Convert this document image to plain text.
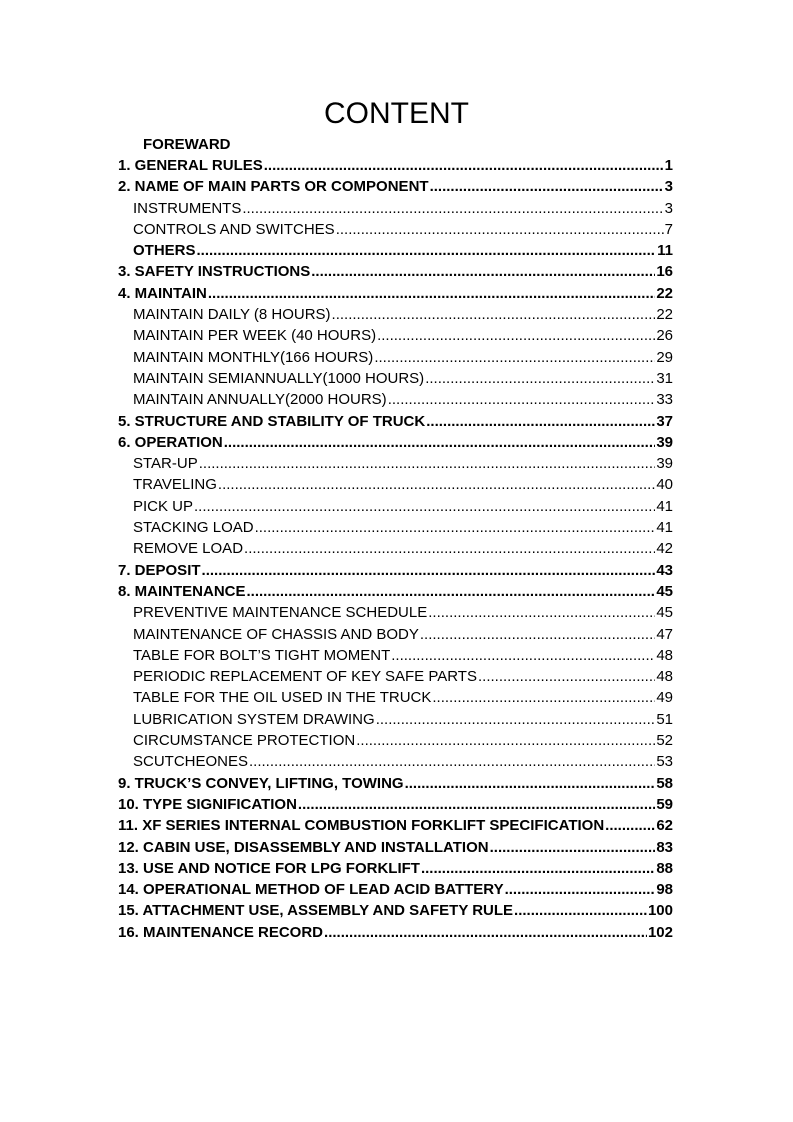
CONTENT
FOREWARD
1. GENERAL RULES .....	1
2. NAME OF MAIN PARTS OR COMPONENT .....	3
INSTRUMENTS .....	3
CONTROLS AND SWITCHES .....	7
OTHERS .....	11
3. SAFETY INSTRUCTIONS .....	16
4. MAINTAIN .....	22
MAINTAIN DAILY (8 HOURS) .....	22
MAINTAIN PER WEEK (40 HOURS) .....	26
MAINTAIN MONTHLY(166 HOURS) .....	29
MAINTAIN SEMIANNUALLY(1000 HOURS) .....	31
MAINTAIN ANNUALLY(2000 HOURS) .....	33
5. STRUCTURE AND STABILITY OF TRUCK .....	37
6. OPERATION .....	39
STAR-UP .....	39
TRAVELING .....	40
PICK UP .....	41
STACKING LOAD .....	41
REMOVE LOAD .....	42
7. DEPOSIT .....	43
8. MAINTENANCE .....	45
PREVENTIVE MAINTENANCE SCHEDULE .....	45
MAINTENANCE OF CHASSIS AND BODY .....	47
TABLE FOR BOLT’S TIGHT MOMENT .....	48
PERIODIC REPLACEMENT OF KEY SAFE PARTS .....	48
TABLE FOR THE OIL USED IN THE TRUCK .....	49
LUBRICATION SYSTEM DRAWING .....	51
CIRCUMSTANCE PROTECTION .....	52
SCUTCHEONES .....	53
9. TRUCK’S CONVEY, LIFTING, TOWING .....	58
10. TYPE SIGNIFICATION .....	59
11. XF SERIES INTERNAL COMBUSTION FORKLIFT SPECIFICATION .....	62
12. CABIN USE, DISASSEMBLY AND INSTALLATION .....	83
13. USE AND NOTICE FOR LPG FORKLIFT .....	88
14. OPERATIONAL METHOD OF LEAD ACID BATTERY .....	98
15. ATTACHMENT USE, ASSEMBLY AND SAFETY RULE .....	100
16. MAINTENANCE RECORD .....	102
